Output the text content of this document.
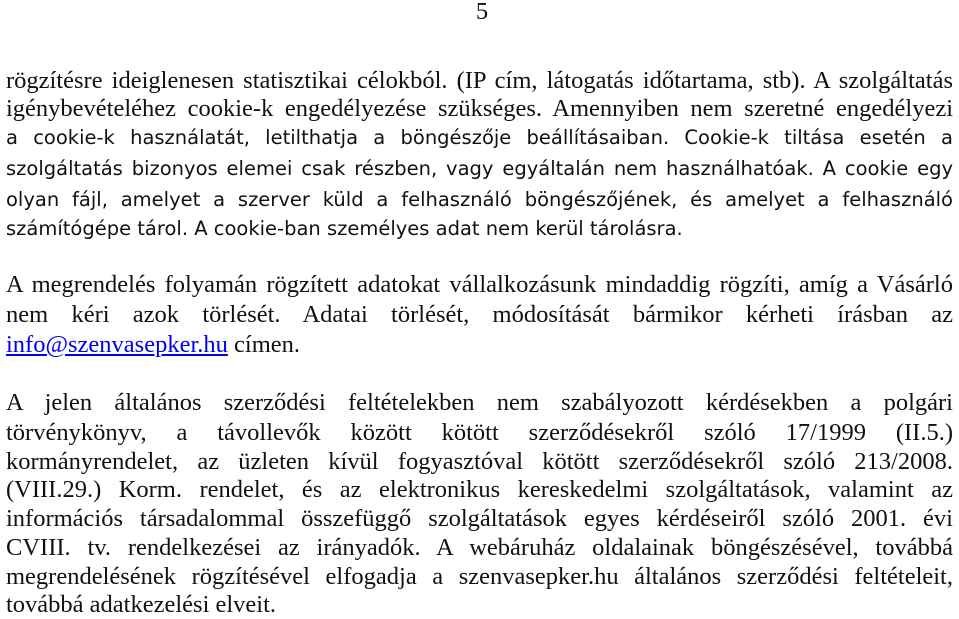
5
rögzítésre ideiglenesen statisztikai célokból. (IP cím, látogatás időtartama, stb). A szolgáltatás
igénybevételéhez cookie-k engedélyezése szükséges. Amennyiben nem szeretné engedélyezi
a cookie-k használatát, letilthatja a böngészője beállításaiban. Cookie-k tiltása esetén a
szolgáltatás bizonyos elemei csak részben, vagy egyáltalán nem használhatóak. A cookie egy
olyan fájl, amelyet a szerver küld a felhasználó böngészőjének, és amelyet a felhasználó
számítógépe tárol. A cookie-ban személyes adat nem kerül tárolásra.
A megrendelés folyamán rögzített adatokat vállalkozásunk mindaddig rögzíti, amíg a Vásárló
nem kéri azok törlését. Adatai törlését, módosítását bármikor kérheti írásban az
info@szenvasepker.hu címen.
A jelen általános szerződési feltételekben nem szabályozott kérdésekben a polgári
törvénykönyv, a távollevők között kötött szerződésekről szóló 17/1999 (II.5.)
kormányrendelet, az üzleten kívül fogyasztóval kötött szerződésekről szóló 213/2008.
(VIII.29.) Korm. rendelet, és az elektronikus kereskedelmi szolgáltatások, valamint az
információs társadalommal összefüggő szolgáltatások egyes kérdéseiről szóló 2001. évi
CVIII. tv. rendelkezései az irányadók. A webáruház oldalainak böngészésével, továbbá
megrendelésének rögzítésével elfogadja a szenvasepker.hu általános szerződési feltételeit,
továbbá adatkezelési elveit.
